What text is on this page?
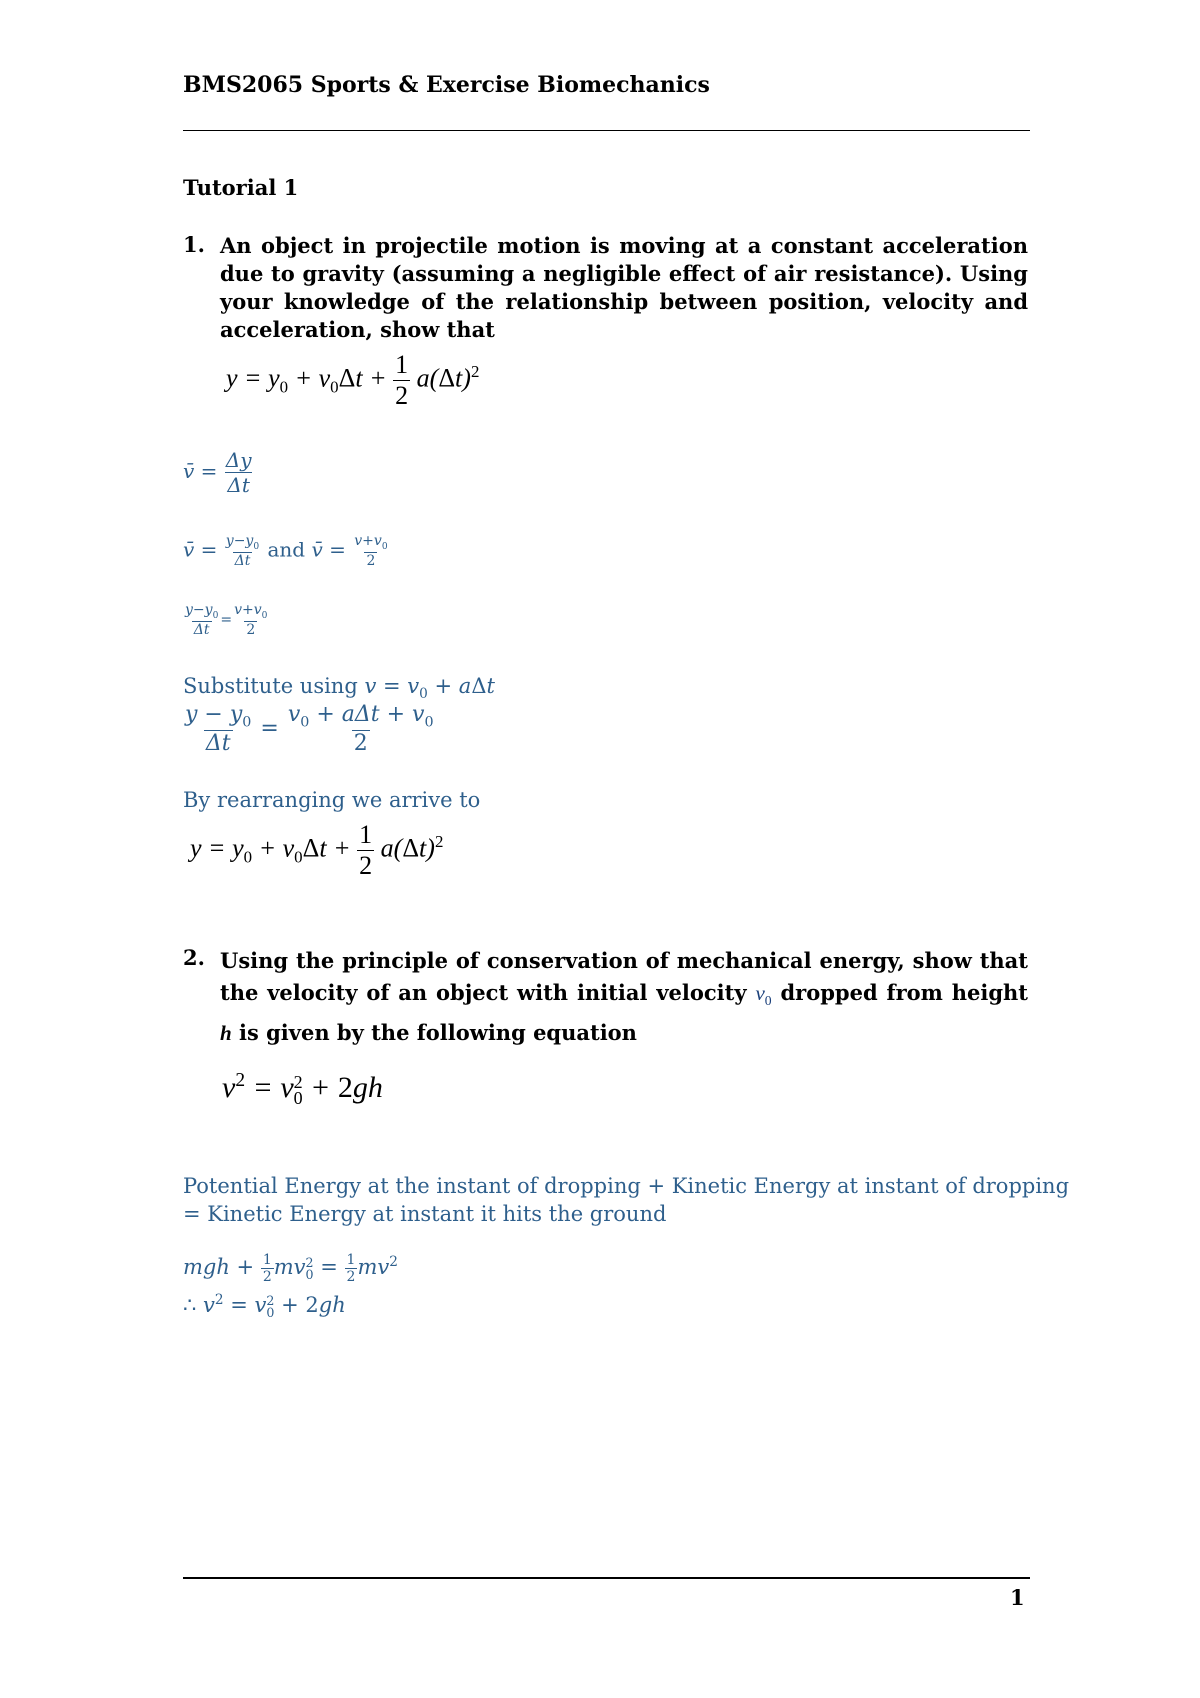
BMS2065 Sports & Exercise Biomechanics
Tutorial 1
1. An object in projectile motion is moving at a constant acceleration due to gravity (assuming a negligible effect of air resistance). Using your knowledge of the relationship between position, velocity and acceleration, show that
$y = y_0 + v_0\Delta t + \frac{1}{2} a(\Delta t)^2$
v̄ = $\frac{\Delta y}{\Delta t}$
v̄ = $\frac{y-y_0}{\Delta t}$ and v̄ = $\frac{v+v_0}{2}$
$\frac{y-y_0}{\Delta t} = \frac{v+v_0}{2}$
Substitute using $v = v_0 + a\Delta t$
$\frac{y - y_0}{\Delta t} = \frac{v_0 + a\Delta t + v_0}{2}$
By rearranging we arrive to
$y = y_0 + v_0\Delta t + \frac{1}{2} a(\Delta t)^2$
2. Using the principle of conservation of mechanical energy, show that the velocity of an object with initial velocity $v_0$ dropped from height h is given by the following equation
$v^2 = v$ 2
0 + 2gh
Potential Energy at the instant of dropping + Kinetic Energy at instant of dropping
= Kinetic Energy at instant it hits the ground
mgh + $\frac{1}{2}$ mv 2
$0 = \frac{1}{2} mv^2$
∴ $v^2 = v$ 2
0 + 2gh
1
